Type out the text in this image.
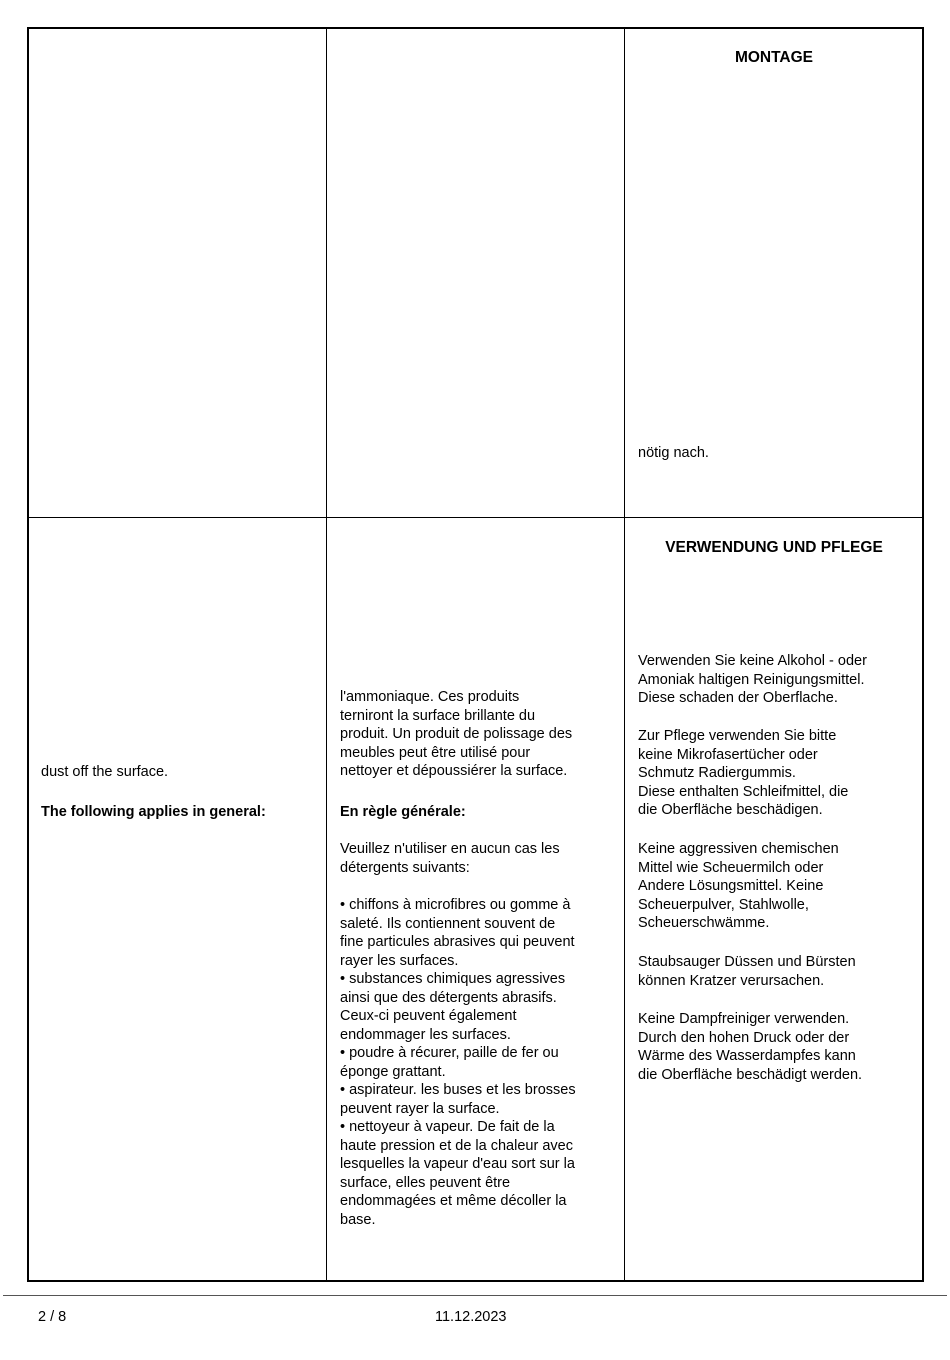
MONTAGE
nötig nach.
dust off the surface.
The following applies in general:
l'ammoniaque. Ces produits
terniront la surface brillante du
produit. Un produit de polissage des
meubles peut être utilisé pour
nettoyer et dépoussiérer la surface.
En règle générale:
Veuillez n'utiliser en aucun cas les
détergents suivants:
• chiffons à microfibres ou gomme à
saleté. Ils contiennent souvent de
fine particules abrasives qui peuvent
rayer les surfaces.
• substances chimiques agressives
ainsi que des détergents abrasifs.
Ceux-ci peuvent également
endommager les surfaces.
• poudre à récurer, paille de fer ou
éponge grattant.
• aspirateur. les buses et les brosses
peuvent rayer la surface.
• nettoyeur à vapeur. De fait de la
haute pression et de la chaleur avec
lesquelles la vapeur d'eau sort sur la
surface, elles peuvent être
endommagées et même décoller la
base.
VERWENDUNG UND PFLEGE
Verwenden Sie keine Alkohol - oder
Amoniak haltigen Reinigungsmittel.
Diese schaden der Oberflache.
Zur Pflege verwenden Sie bitte
keine Mikrofasertücher oder
Schmutz Radiergummis.
Diese enthalten Schleifmittel, die
die Oberfläche beschädigen.
Keine aggressiven chemischen
Mittel wie Scheuermilch oder
Andere Lösungsmittel. Keine
Scheuerpulver, Stahlwolle,
Scheuerschwämme.
Staubsauger Düssen und Bürsten
können Kratzer verursachen.
Keine Dampfreiniger verwenden.
Durch den hohen Druck oder der
Wärme des Wasserdampfes kann
die Oberfläche beschädigt werden.
2 / 8	11.12.2023
